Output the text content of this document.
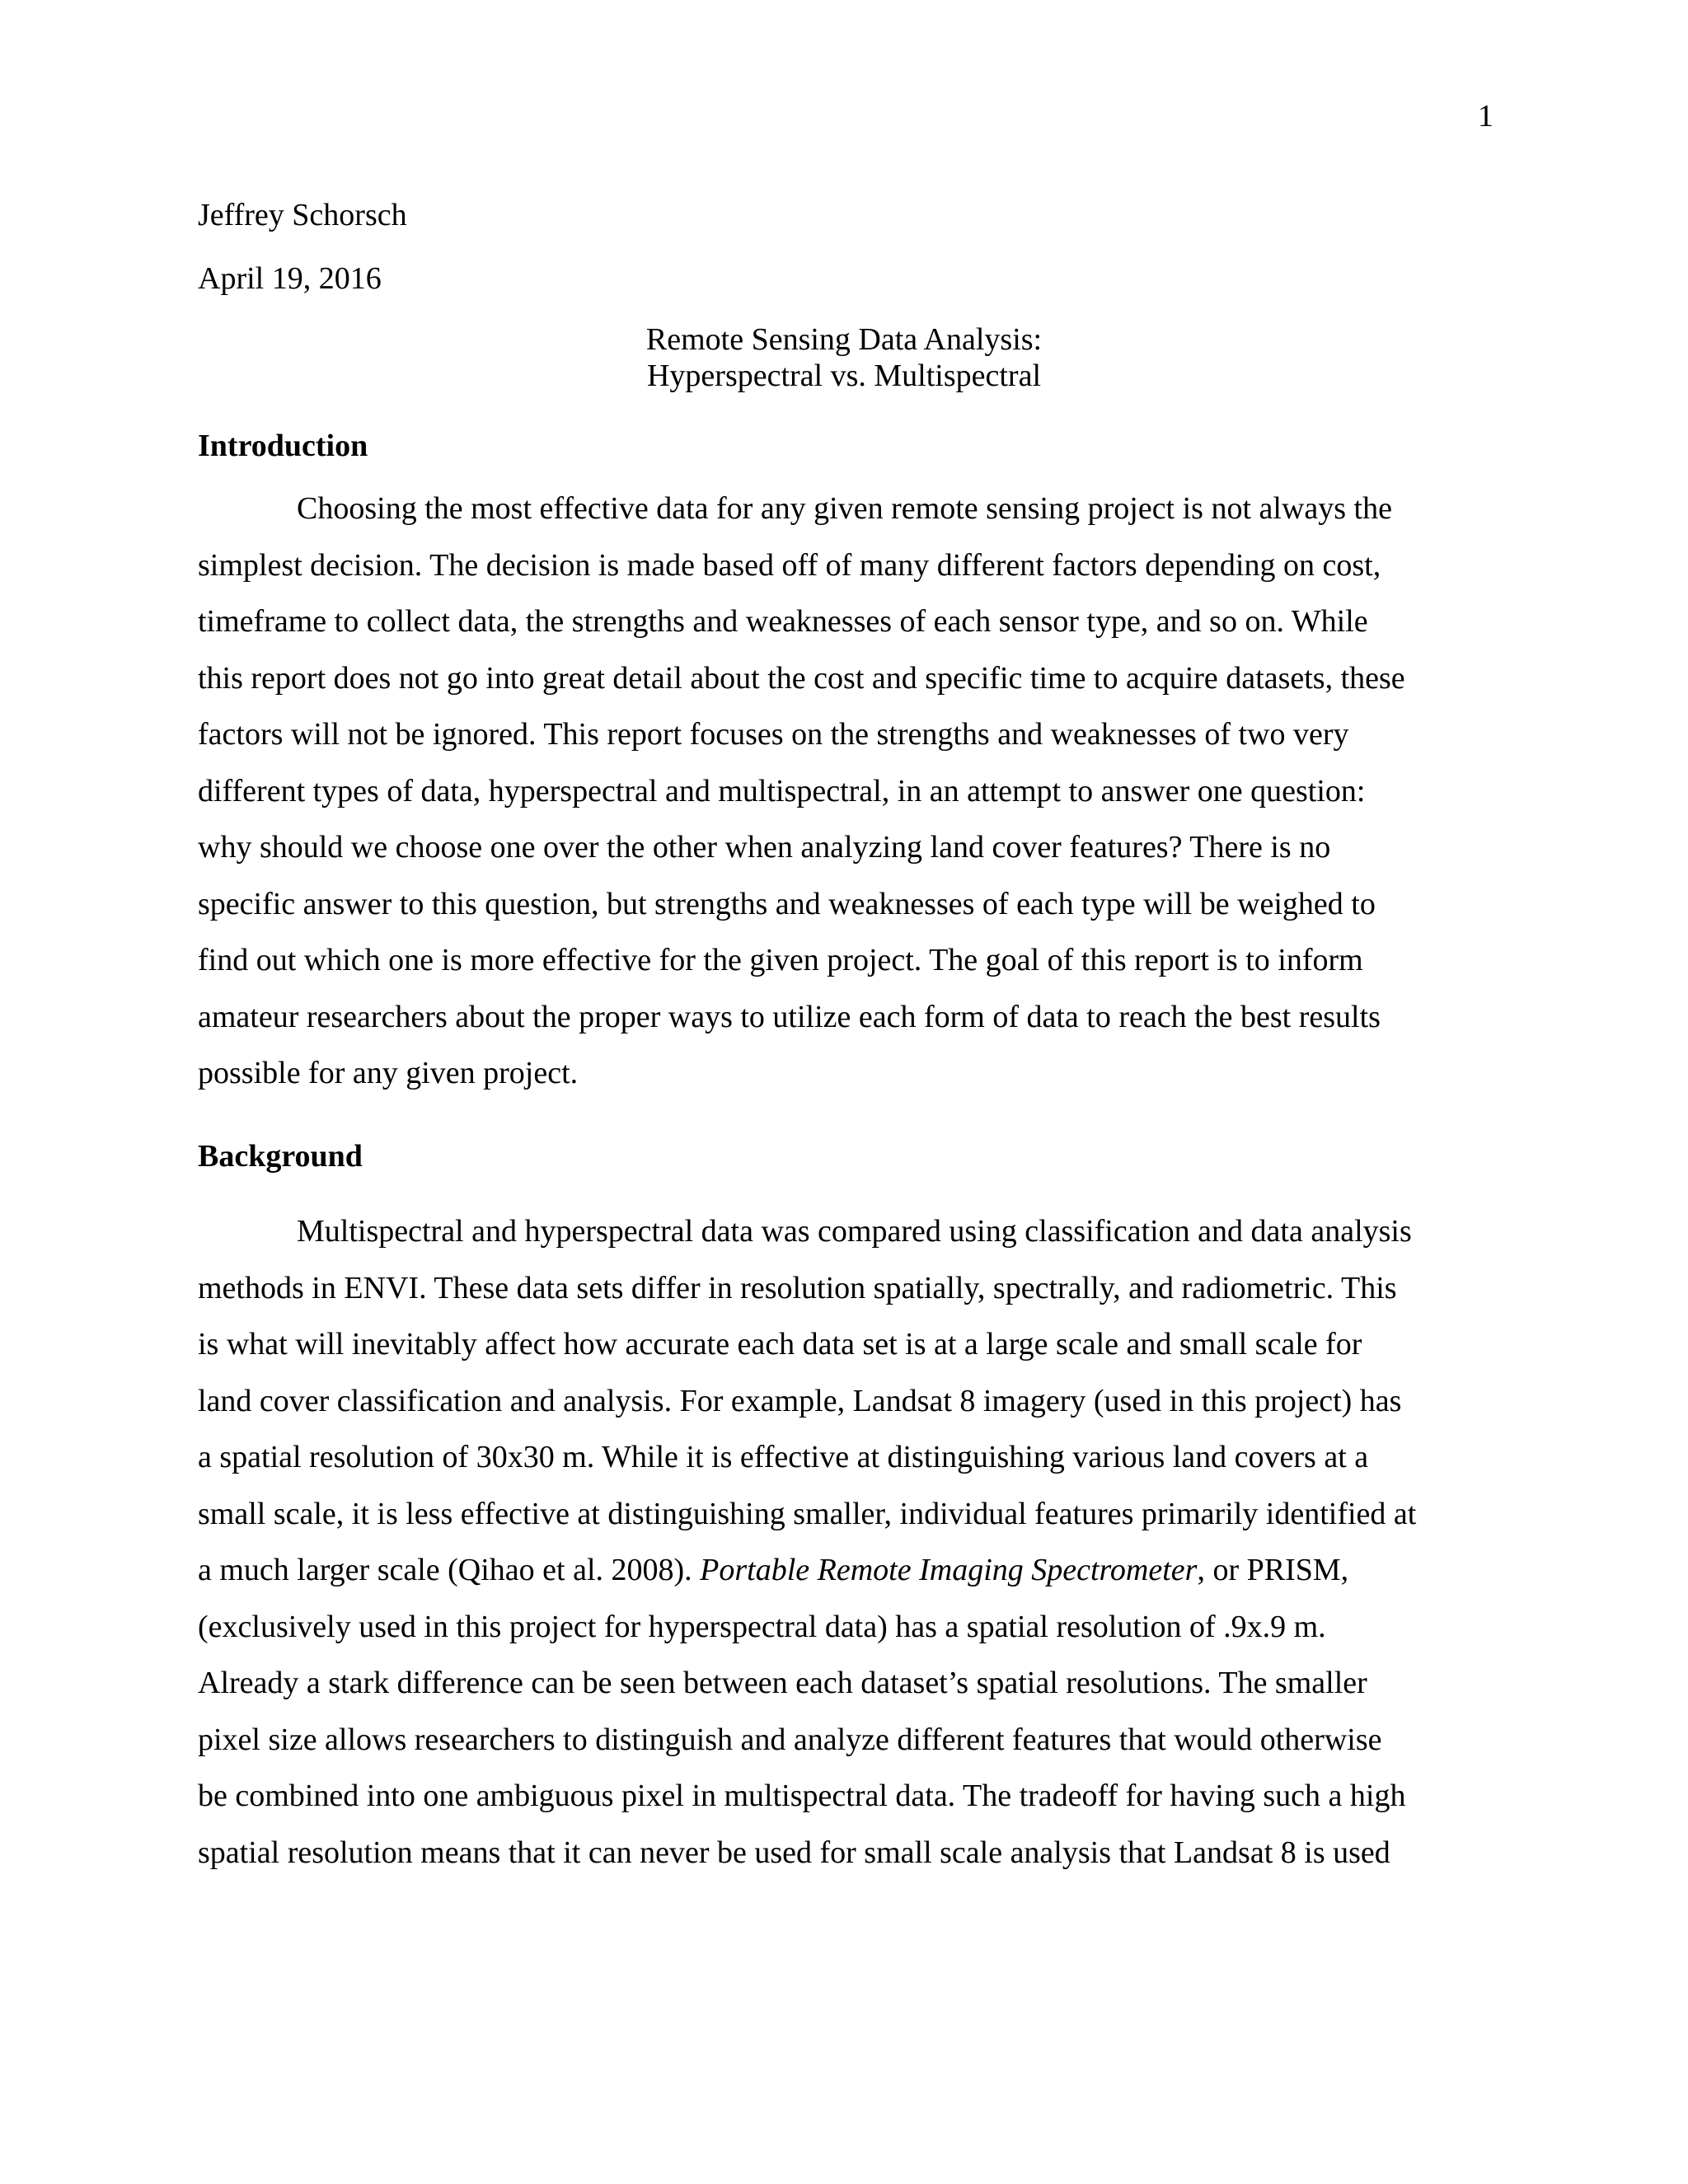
1
Jeffrey Schorsch
April 19, 2016
Remote Sensing Data Analysis:
Hyperspectral vs. Multispectral
Introduction
Choosing the most effective data for any given remote sensing project is not always the
simplest decision. The decision is made based off of many different factors depending on cost,
timeframe to collect data, the strengths and weaknesses of each sensor type, and so on. While
this report does not go into great detail about the cost and specific time to acquire datasets, these
factors will not be ignored. This report focuses on the strengths and weaknesses of two very
different types of data, hyperspectral and multispectral, in an attempt to answer one question:
why should we choose one over the other when analyzing land cover features? There is no
specific answer to this question, but strengths and weaknesses of each type will be weighed to
find out which one is more effective for the given project. The goal of this report is to inform
amateur researchers about the proper ways to utilize each form of data to reach the best results
possible for any given project.
Background
Multispectral and hyperspectral data was compared using classification and data analysis
methods in ENVI. These data sets differ in resolution spatially, spectrally, and radiometric. This
is what will inevitably affect how accurate each data set is at a large scale and small scale for
land cover classification and analysis. For example, Landsat 8 imagery (used in this project) has
a spatial resolution of 30x30 m. While it is effective at distinguishing various land covers at a
small scale, it is less effective at distinguishing smaller, individual features primarily identified at
a much larger scale (Qihao et al. 2008). Portable Remote Imaging Spectrometer, or PRISM,
(exclusively used in this project for hyperspectral data) has a spatial resolution of .9x.9 m.
Already a stark difference can be seen between each dataset’s spatial resolutions. The smaller
pixel size allows researchers to distinguish and analyze different features that would otherwise
be combined into one ambiguous pixel in multispectral data. The tradeoff for having such a high
spatial resolution means that it can never be used for small scale analysis that Landsat 8 is used
